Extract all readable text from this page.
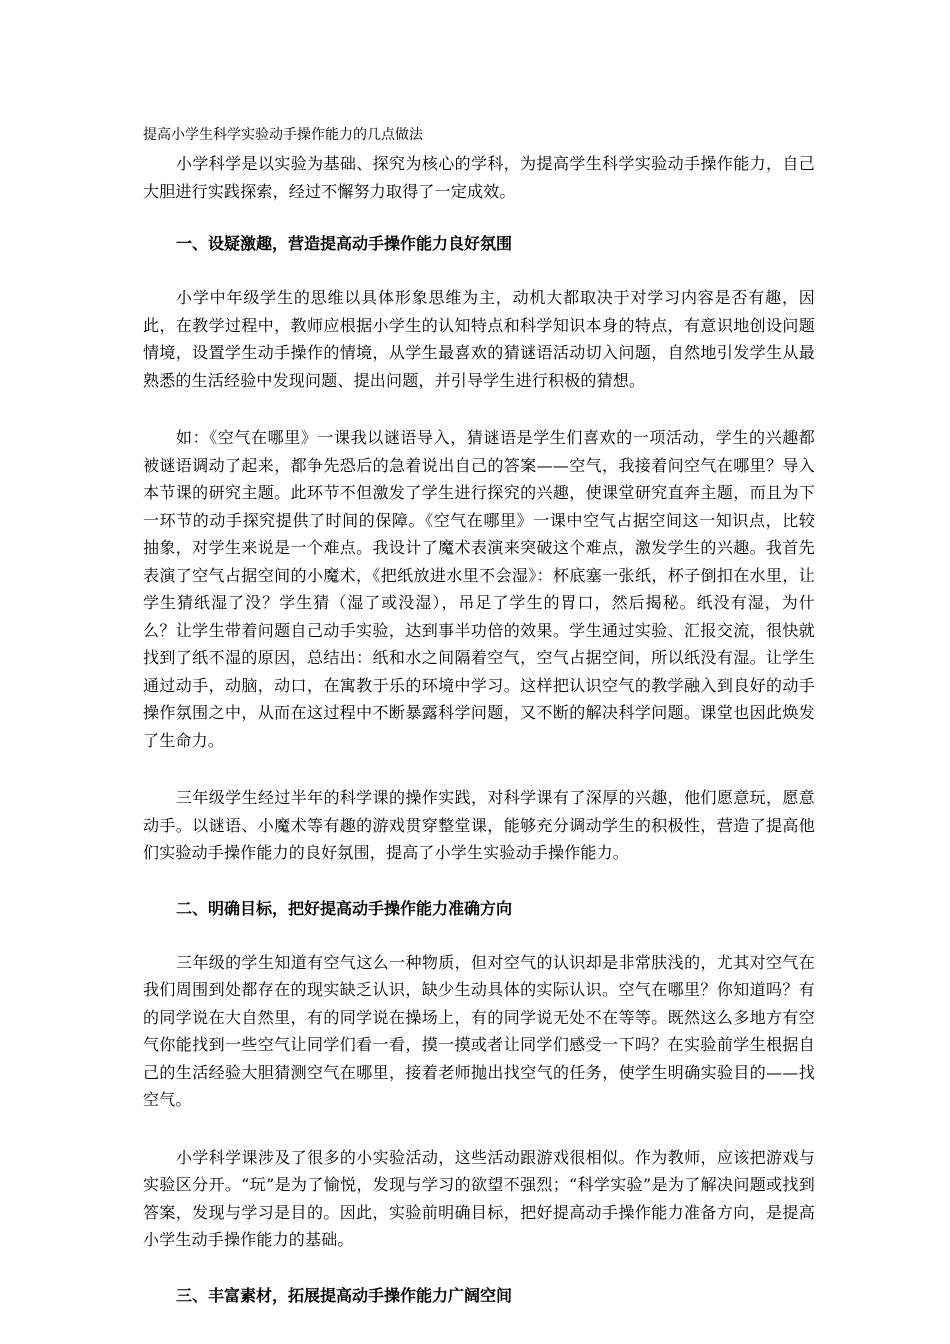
提高小学生科学实验动手操作能力的几点做法

小学科学是以实验为基础、探究为核心的学科，为提高学生科学实验动手操作能力，自己大胆进行实践探索，经过不懈努力取得了一定成效。

一、设疑激趣，营造提高动手操作能力良好氛围

小学中年级学生的思维以具体形象思维为主，动机大都取决于对学习内容是否有趣，因此，在教学过程中，教师应根据小学生的认知特点和科学知识本身的特点，有意识地创设问题情境，设置学生动手操作的情境，从学生最喜欢的猜谜语活动切入问题，自然地引发学生从最熟悉的生活经验中发现问题、提出问题，并引导学生进行积极的猜想。

如：《空气在哪里》一课我以谜语导入，猜谜语是学生们喜欢的一项活动，学生的兴趣都被谜语调动了起来，都争先恐后的急着说出自己的答案——空气，我接着问空气在哪里？导入本节课的研究主题。此环节不但激发了学生进行探究的兴趣，使课堂研究直奔主题，而且为下一环节的动手探究提供了时间的保障。《空气在哪里》一课中空气占据空间这一知识点，比较抽象，对学生来说是一个难点。我设计了魔术表演来突破这个难点，激发学生的兴趣。我首先表演了空气占据空间的小魔术，《把纸放进水里不会湿》：杯底塞一张纸，杯子倒扣在水里，让学生猜纸湿了没？学生猜（湿了或没湿），吊足了学生的胃口，然后揭秘。纸没有湿，为什么？让学生带着问题自己动手实验，达到事半功倍的效果。学生通过实验、汇报交流，很快就找到了纸不湿的原因，总结出：纸和水之间隔着空气，空气占据空间，所以纸没有湿。让学生通过动手，动脑，动口，在寓教于乐的环境中学习。这样把认识空气的教学融入到良好的动手操作氛围之中，从而在这过程中不断暴露科学问题，又不断的解决科学问题。课堂也因此焕发了生命力。

三年级学生经过半年的科学课的操作实践，对科学课有了深厚的兴趣，他们愿意玩，愿意动手。以谜语、小魔术等有趣的游戏贯穿整堂课，能够充分调动学生的积极性，营造了提高他们实验动手操作能力的良好氛围，提高了小学生实验动手操作能力。

二、明确目标，把好提高动手操作能力准确方向

三年级的学生知道有空气这么一种物质，但对空气的认识却是非常肤浅的，尤其对空气在我们周围到处都存在的现实缺乏认识，缺少生动具体的实际认识。空气在哪里？你知道吗？有的同学说在大自然里，有的同学说在操场上，有的同学说无处不在等等。既然这么多地方有空气你能找到一些空气让同学们看一看，摸一摸或者让同学们感受一下吗？在实验前学生根据自己的生活经验大胆猜测空气在哪里，接着老师抛出找空气的任务，使学生明确实验目的——找空气。

小学科学课涉及了很多的小实验活动，这些活动跟游戏很相似。作为教师，应该把游戏与实验区分开。“玩”是为了愉悦，发现与学习的欲望不强烈；“科学实验”是为了解决问题或找到答案，发现与学习是目的。因此，实验前明确目标，把好提高动手操作能力准备方向，是提高小学生动手操作能力的基础。

三、丰富素材，拓展提高动手操作能力广阔空间
